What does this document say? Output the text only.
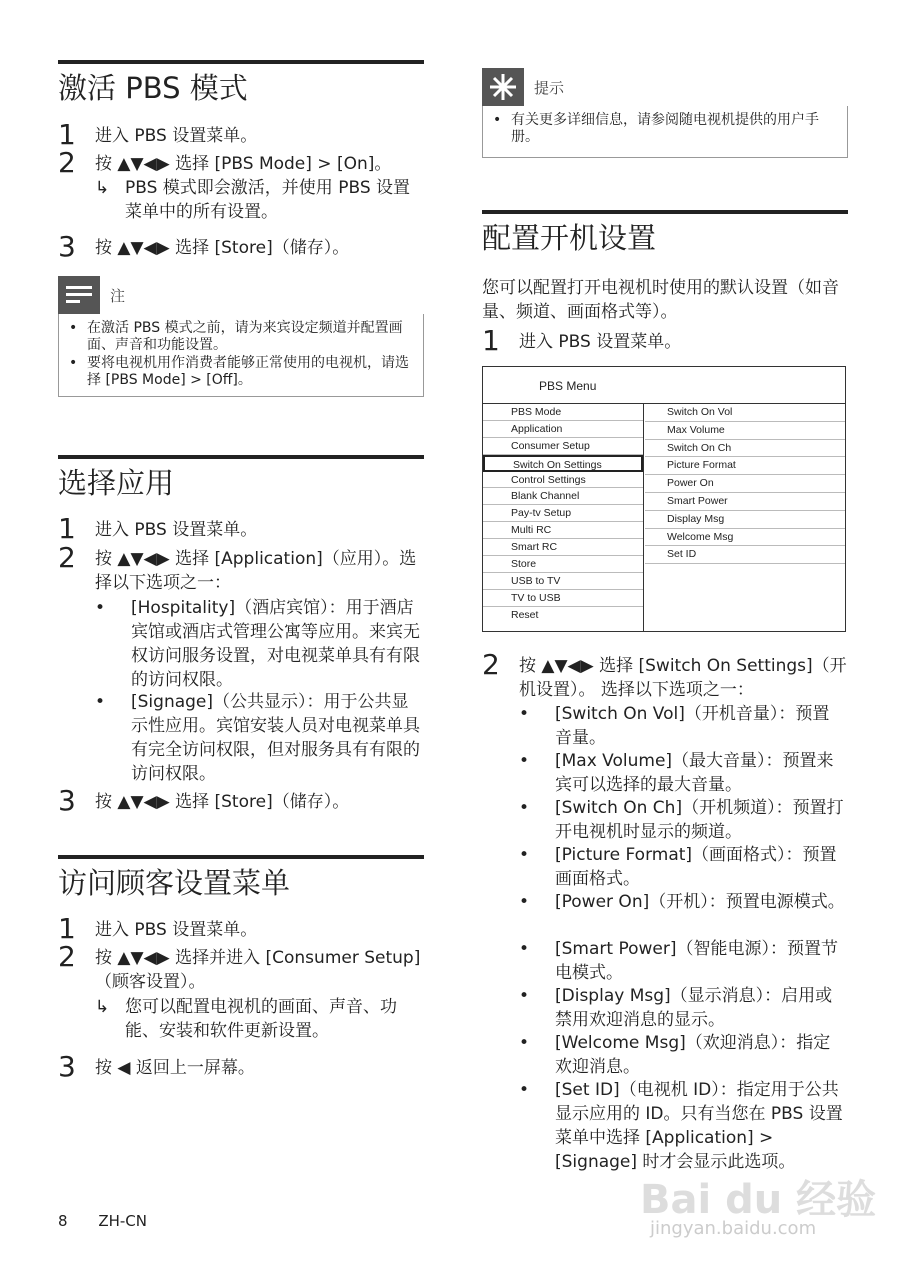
激活 PBS 模式
1 进入 PBS 设置菜单。
2 按 ▲▼◀▶ 选择 [PBS Mode] > [On]。
↳ PBS 模式即会激活，并使用 PBS 设置菜单中的所有设置。
3 按 ▲▼◀▶ 选择 [Store]（储存）。
注
• 在激活 PBS 模式之前，请为来宾设定频道并配置画面、声音和功能设置。
• 要将电视机用作消费者能够正常使用的电视机，请选择 [PBS Mode] > [Off]。
选择应用
1 进入 PBS 设置菜单。
2 按 ▲▼◀▶ 选择 [Application]（应用）。选择以下选项之一：
• [Hospitality]（酒店宾馆）：用于酒店宾馆或酒店式管理公寓等应用。来宾无权访问服务设置，对电视菜单具有有限的访问权限。
• [Signage]（公共显示）：用于公共显示性应用。宾馆安装人员对电视菜单具有完全访问权限，但对服务具有有限的访问权限。
3 按 ▲▼◀▶ 选择 [Store]（储存）。
访问顾客设置菜单
1 进入 PBS 设置菜单。
2 按 ▲▼◀▶ 选择并进入 [Consumer Setup]（顾客设置）。
↳ 您可以配置电视机的画面、声音、功能、安装和软件更新设置。
3 按 ◀ 返回上一屏幕。
提示
• 有关更多详细信息，请参阅随电视机提供的用户手册。
配置开机设置
您可以配置打开电视机时使用的默认设置（如音量、频道、画面格式等）。
1 进入 PBS 设置菜单。
PBS Menu
PBS Mode
Application
Consumer Setup
Switch On Settings
Control Settings
Blank Channel
Pay-tv Setup
Multi RC
Smart RC
Store
USB to TV
TV to USB
Reset
Switch On Vol
Max Volume
Switch On Ch
Picture Format
Power On
Smart Power
Display Msg
Welcome Msg
Set ID
2 按 ▲▼◀▶ 选择 [Switch On Settings]（开机设置）。 选择以下选项之一：
• [Switch On Vol]（开机音量）：预置音量。
• [Max Volume]（最大音量）：预置来宾可以选择的最大音量。
• [Switch On Ch]（开机频道）：预置打开电视机时显示的频道。
• [Picture Format]（画面格式）：预置画面格式。
• [Power On]（开机）：预置电源模式。
• [Smart Power]（智能电源）：预置节电模式。
• [Display Msg]（显示消息）：启用或禁用欢迎消息的显示。
• [Welcome Msg]（欢迎消息）：指定欢迎消息。
• [Set ID]（电视机 ID）：指定用于公共显示应用的 ID。只有当您在 PBS 设置菜单中选择 [Application] > [Signage] 时才会显示此选项。
8 ZH-CN	Bai du 经验
jingyan.baidu.com
